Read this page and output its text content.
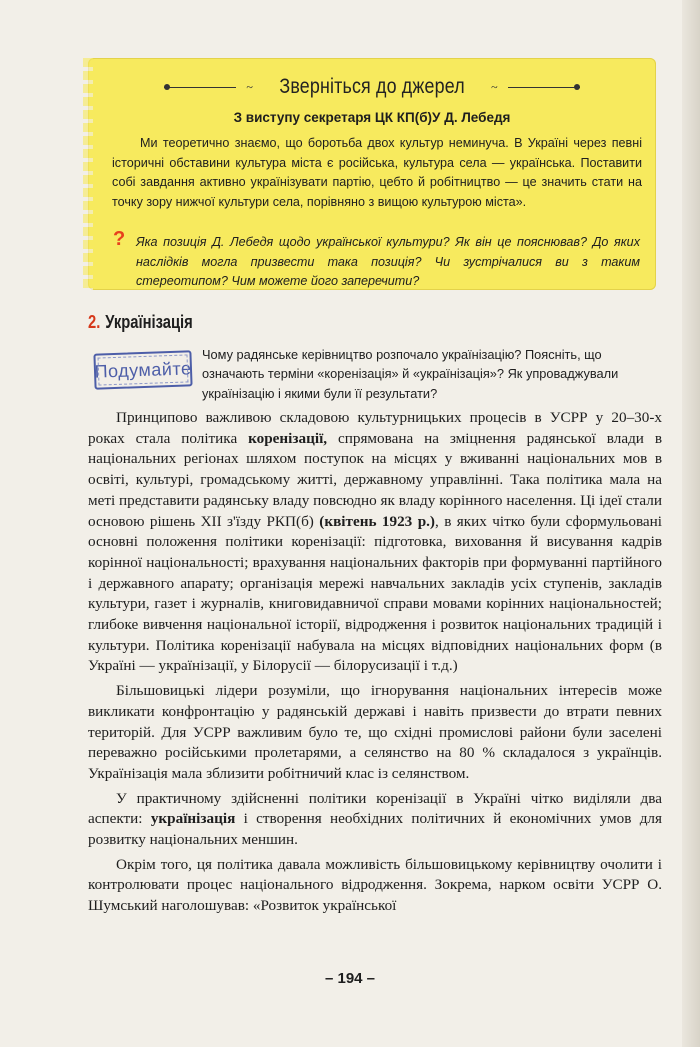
~ Зверніться до джерел ~
З виступу секретаря ЦК КП(б)У Д. Лебедя

Ми теоретично знаємо, що боротьба двох культур неминуча. В Україні через певні історичні обставини культура міста є російська, культура села — українська. Поставити собі завдання активно українізувати партію, цебто й робітництво — це значить стати на точку зору нижчої культури села, порівняно з вищою культурою міста».

? Яка позиція Д. Лебедя щодо української культури? Як він це пояснював? До яких наслідків могла призвести така позиція? Чи зустрічалися ви з таким стереотипом? Чим можете його заперечити?

2. Українізація
Подумайте

Чому радянське керівництво розпочало українізацію? Поясніть, що означають терміни «коренізація» й «українізація»? Як упроваджували українізацію і якими були її результати?

Принципово важливою складовою культурницьких процесів в УСРР у 20–30-х роках стала політика коренізації, спрямована на зміцнення радянської влади в національних регіонах шляхом поступок на місцях у вживанні національних мов в освіті, культурі, громадському житті, державному управлінні. Така політика мала на меті представити радянську владу повсюдно як владу корінного населення. Ці ідеї стали основою рішень XII з'їзду РКП(б) (квітень 1923 р.), в яких чітко були сформульовані основні положення політики коренізації: підготовка, виховання й висування кадрів корінної національності; врахування національних факторів при формуванні партійного і державного апарату; організація мережі навчальних закладів усіх ступенів, закладів культури, газет і журналів, книговидавничої справи мовами корінних національностей; глибоке вивчення національної історії, відродження і розвиток національних традицій і культури. Політика коренізації набувала на місцях відповідних національних форм (в Україні — українізації, у Білорусії — білорусизації і т.д.)

Більшовицькі лідери розуміли, що ігнорування національних інтересів може викликати конфронтацію у радянській державі і навіть призвести до втрати певних територій. Для УСРР важливим було те, що східні промислові райони були заселені переважно російськими пролетарями, а селянство на 80 % складалося з українців. Українізація мала зблизити робітничий клас із селянством.

У практичному здійсненні політики коренізації в Україні чітко виділяли два аспекти: українізація і створення необхідних політичних й економічних умов для розвитку національних меншин.

Окрім того, ця політика давала можливість більшовицькому керівництву очолити і контролювати процес національного відродження. Зокрема, нарком освіти УСРР О. Шумський наголошував: «Розвиток української

– 194 –
